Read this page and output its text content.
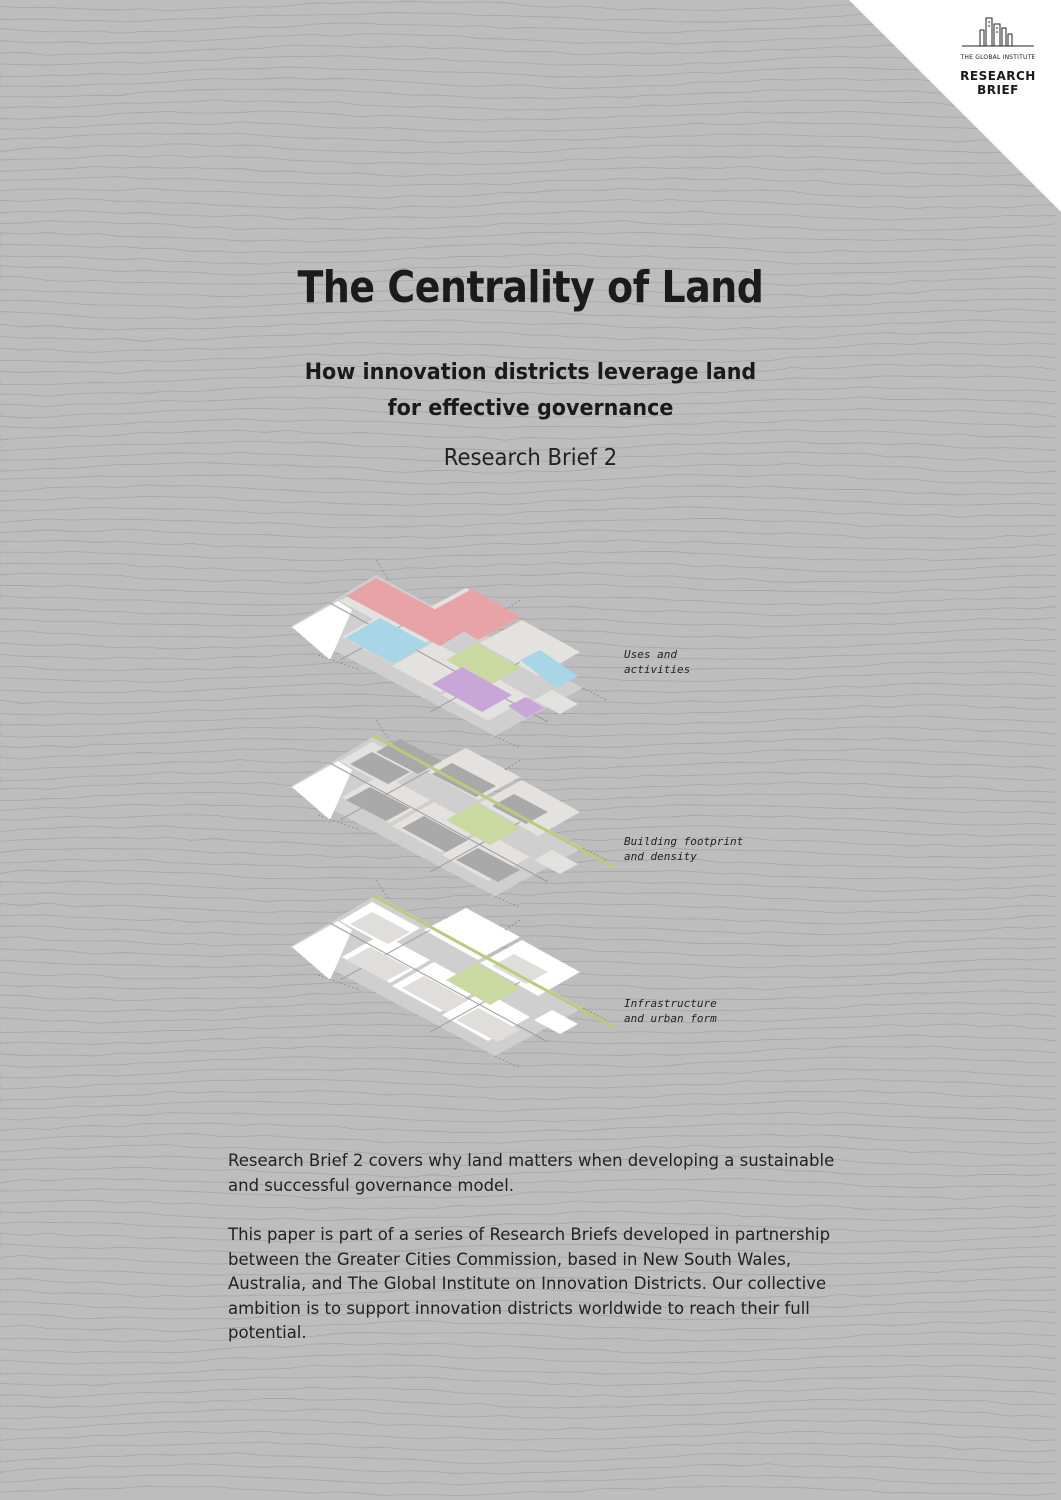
THE GLOBAL INSTITUTE
RESEARCH
BRIEF
The Centrality of Land
How innovation districts leverage land
for effective governance
Research Brief 2
Uses and
activities
Building footprint
and density
Infrastructure
and urban form
Research Brief 2 covers why land matters when developing a sustainable and successful governance model.
This paper is part of a series of Research Briefs developed in partnership between the Greater Cities Commission, based in New South Wales, Australia, and The Global Institute on Innovation Districts. Our collective ambition is to support innovation districts worldwide to reach their full potential.
